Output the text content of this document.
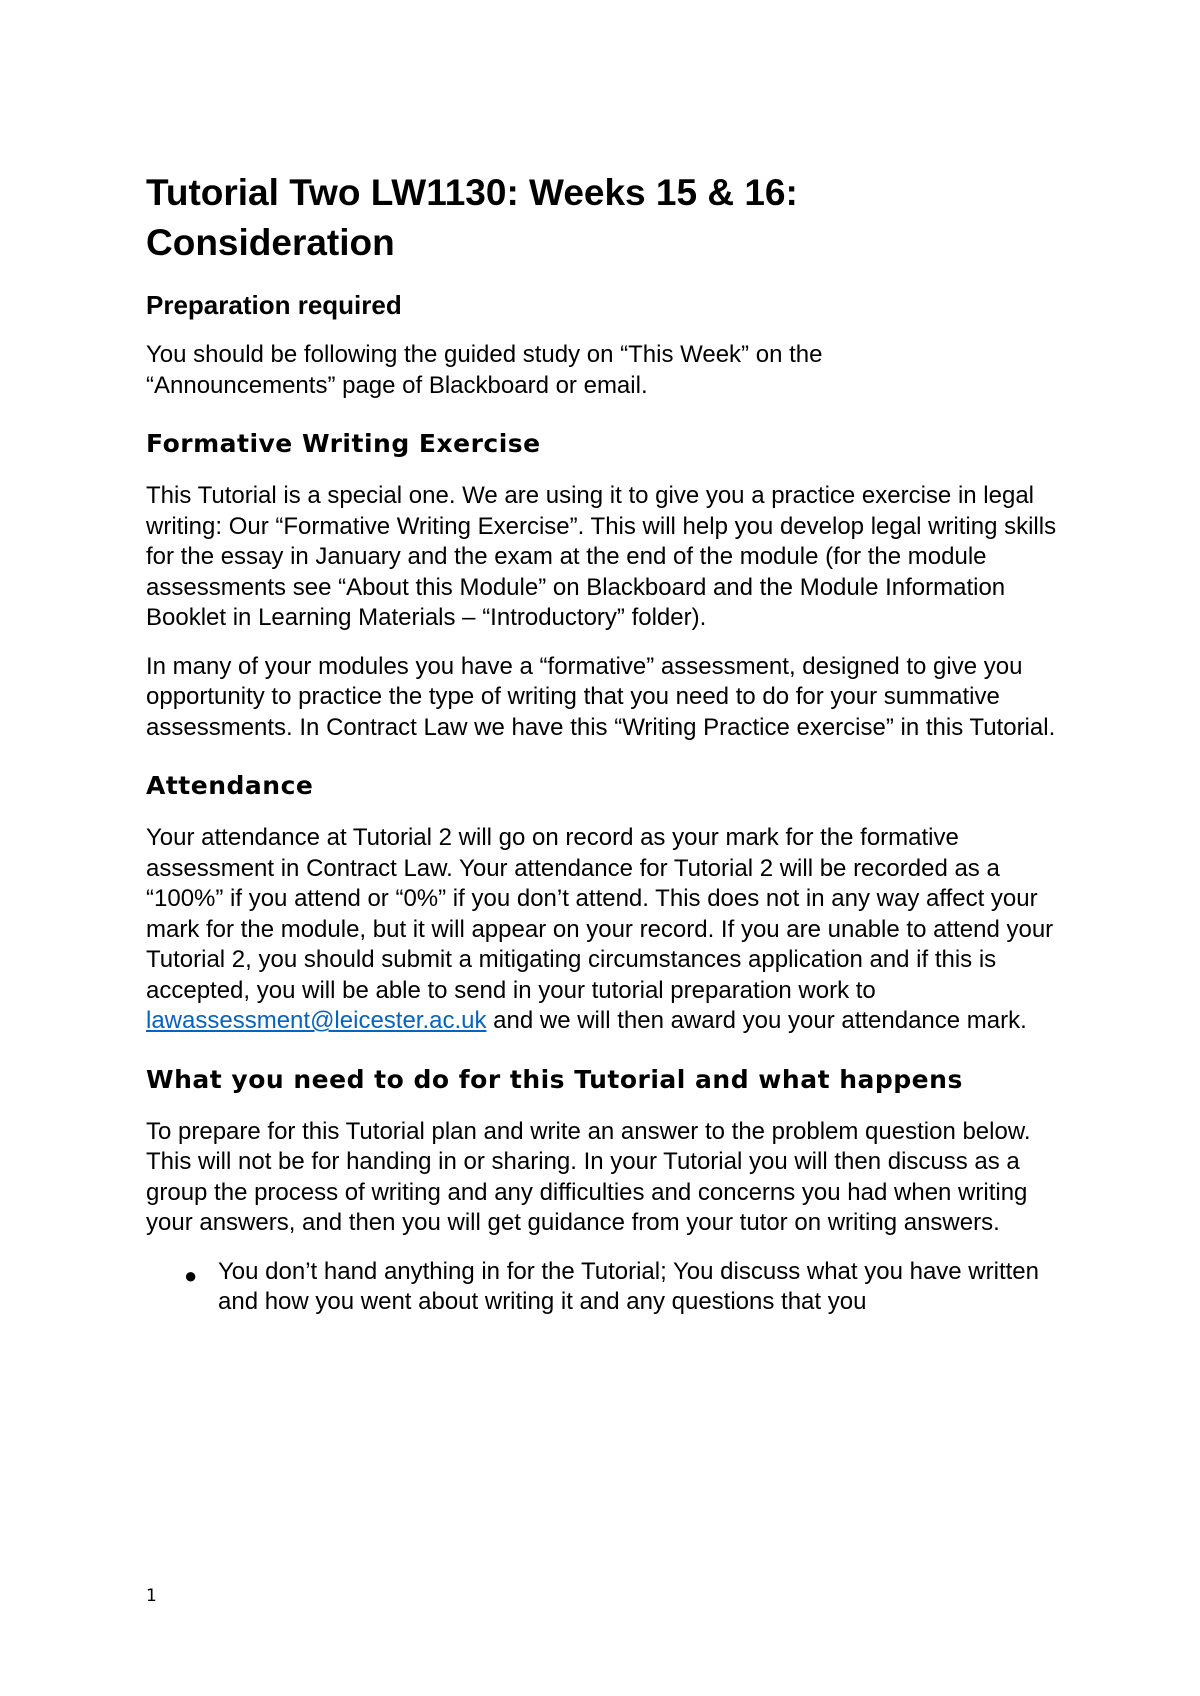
Tutorial Two LW1130: Weeks 15 & 16:
Consideration
Preparation required

You should be following the guided study on “This Week” on the “Announcements” page of Blackboard or email.

Formative Writing Exercise

This Tutorial is a special one. We are using it to give you a practice exercise in legal writing: Our “Formative Writing Exercise”. This will help you develop legal writing skills for the essay in January and the exam at the end of the module (for the module assessments see “About this Module” on Blackboard and the Module Information Booklet in Learning Materials – “Introductory” folder).

In many of your modules you have a “formative” assessment, designed to give you opportunity to practice the type of writing that you need to do for your summative assessments. In Contract Law we have this “Writing Practice exercise” in this Tutorial.

Attendance

Your attendance at Tutorial 2 will go on record as your mark for the formative assessment in Contract Law. Your attendance for Tutorial 2 will be recorded as a “100%” if you attend or “0%” if you don’t attend. This does not in any way affect your mark for the module, but it will appear on your record. If you are unable to attend your Tutorial 2, you should submit a mitigating circumstances application and if this is accepted, you will be able to send in your tutorial preparation work to lawassessment@leicester.ac.uk and we will then award you your attendance mark.

What you need to do for this Tutorial and what happens

To prepare for this Tutorial plan and write an answer to the problem question below. This will not be for handing in or sharing. In your Tutorial you will then discuss as a group the process of writing and any difficulties and concerns you had when writing your answers, and then you will get guidance from your tutor on writing answers.

● You don’t hand anything in for the Tutorial; You discuss what you have written and how you went about writing it and any questions that you
1
